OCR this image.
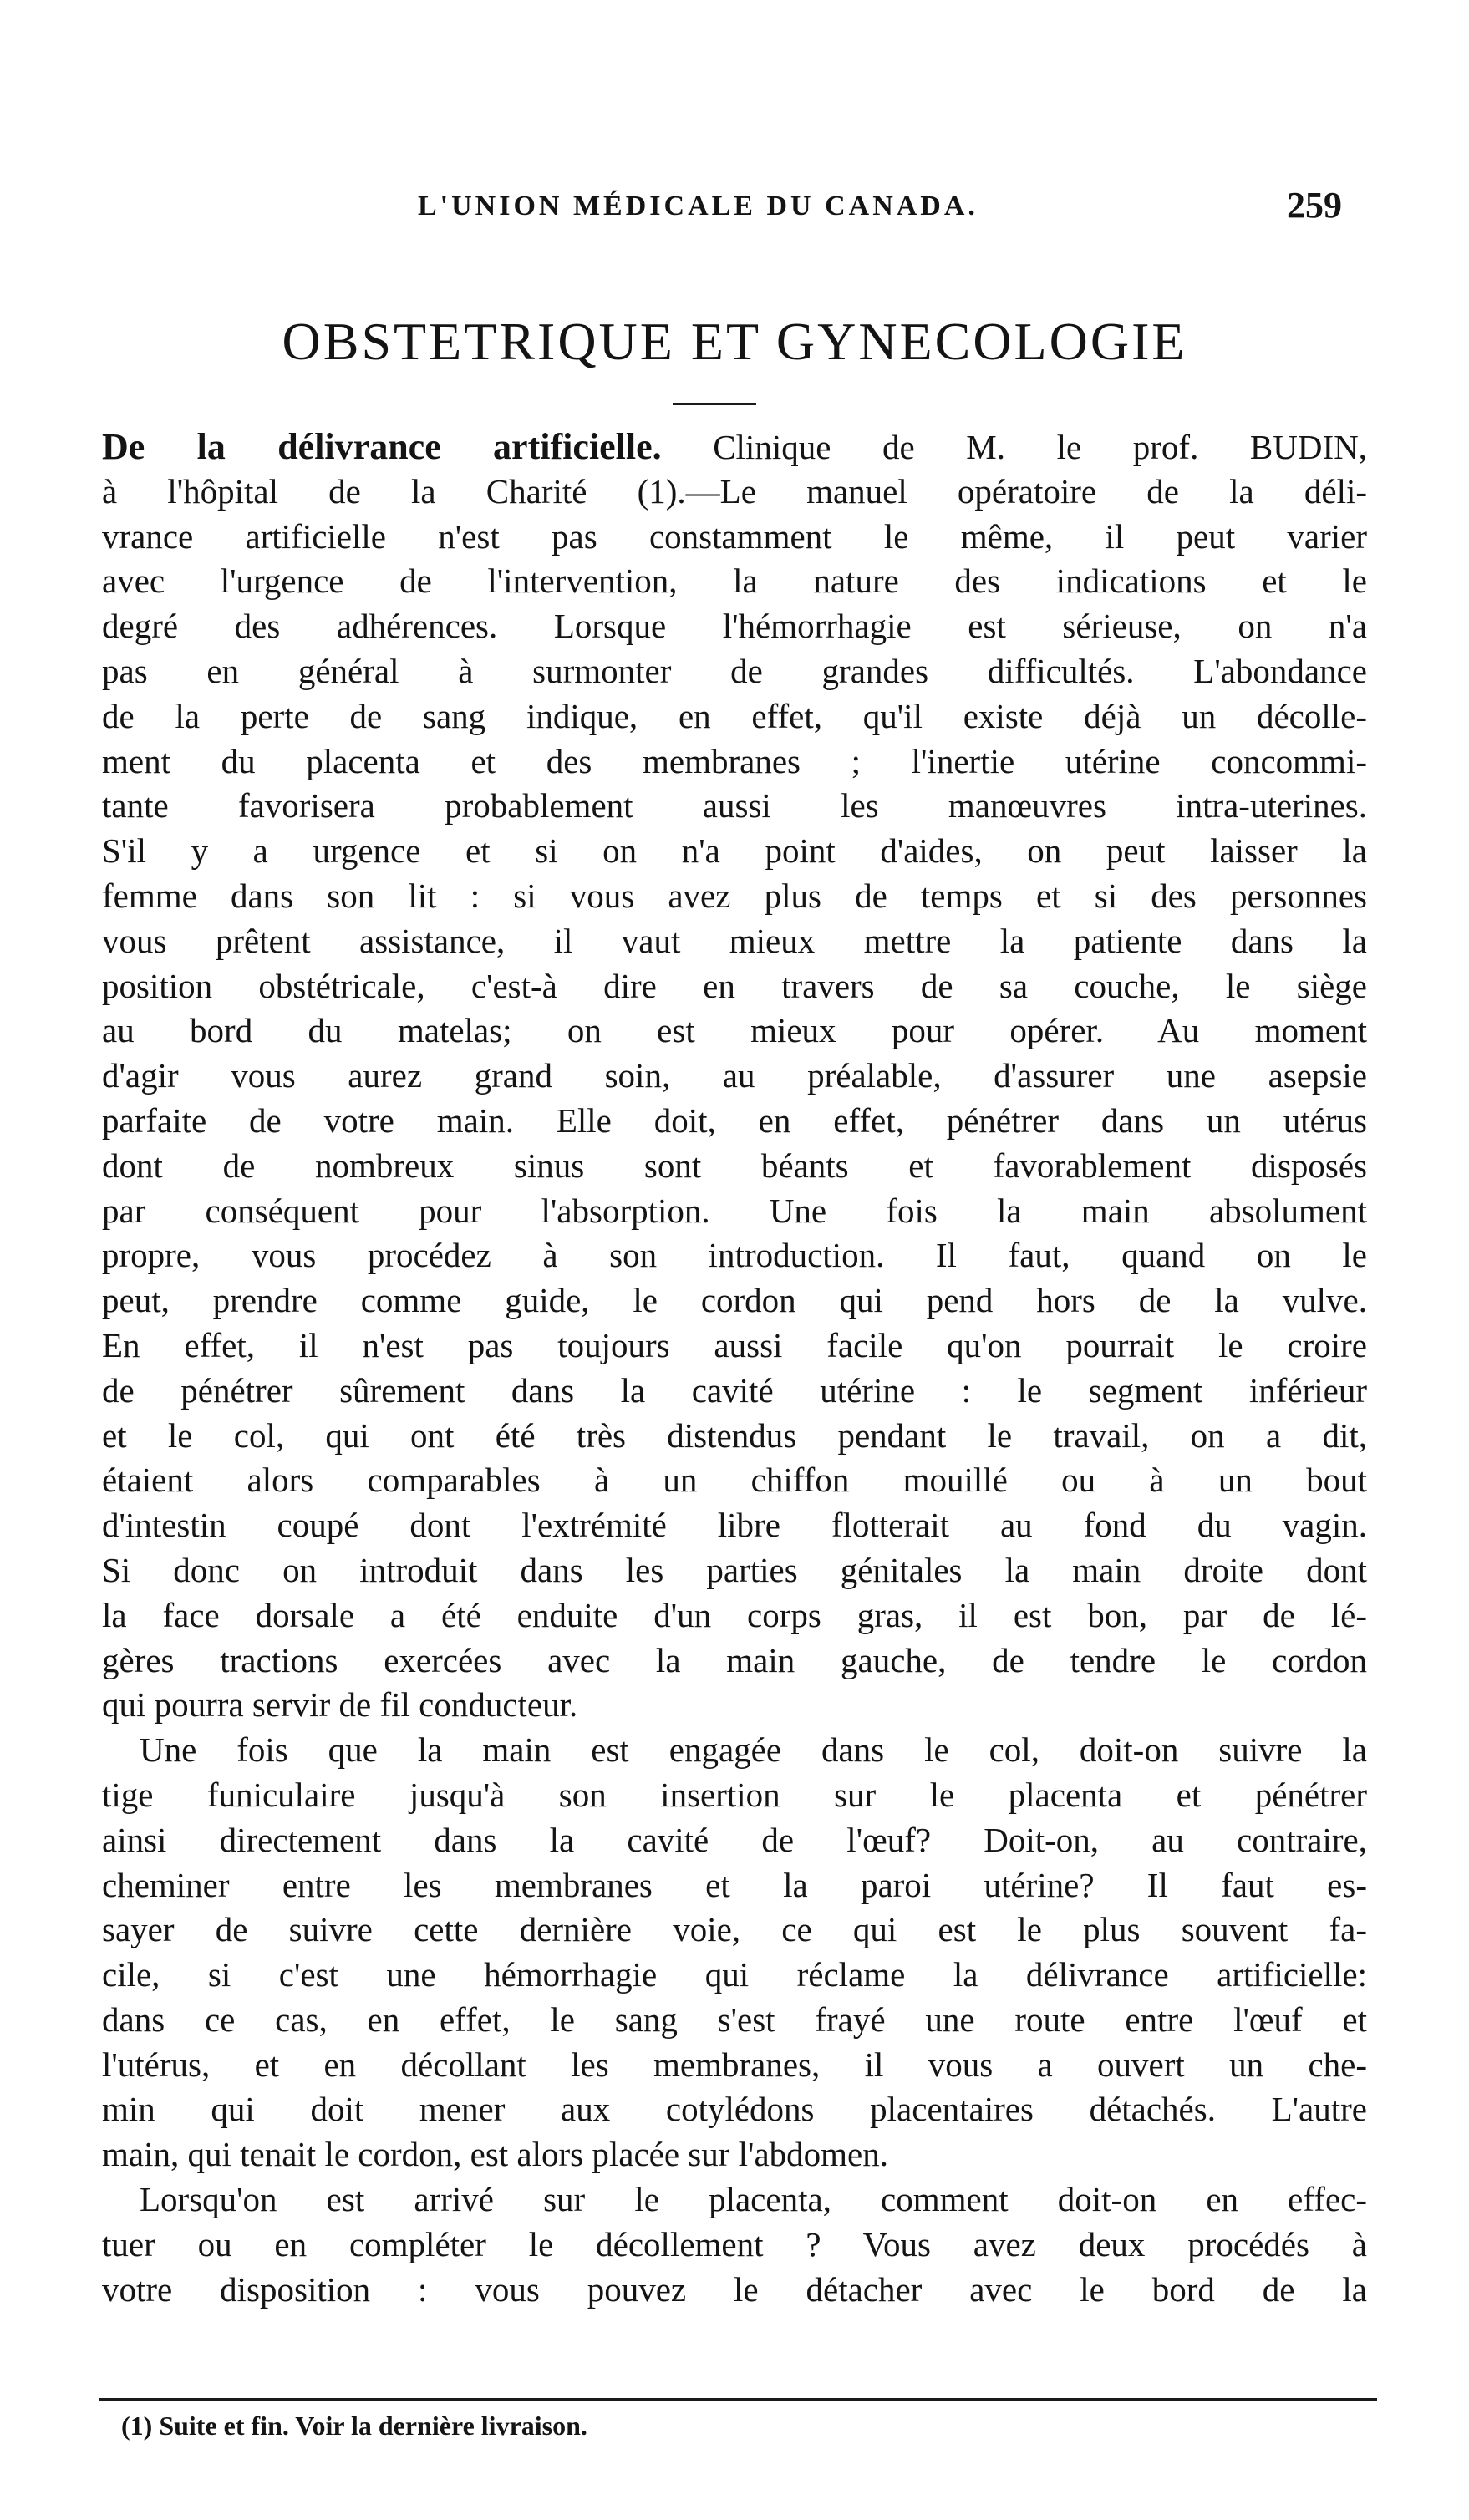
L'UNION MÉDICALE DU CANADA.	259
OBSTETRIQUE ET GYNECOLOGIE
De la délivrance artificielle. Clinique de M. le prof. BUDIN,
à l'hôpital de la Charité (1).—Le manuel opératoire de la déli-
vrance artificielle n'est pas constamment le même, il peut varier
avec l'urgence de l'intervention, la nature des indications et le
degré des adhérences. Lorsque l'hémorrhagie est sérieuse, on n'a
pas en général à surmonter de grandes difficultés. L'abondance
de la perte de sang indique, en effet, qu'il existe déjà un décolle-
ment du placenta et des membranes ; l'inertie utérine concommi-
tante favorisera probablement aussi les manœuvres intra-uterines.
S'il y a urgence et si on n'a point d'aides, on peut laisser la
femme dans son lit : si vous avez plus de temps et si des personnes
vous prêtent assistance, il vaut mieux mettre la patiente dans la
position obstétricale, c'est-à dire en travers de sa couche, le siège
au bord du matelas; on est mieux pour opérer. Au moment
d'agir vous aurez grand soin, au préalable, d'assurer une asepsie
parfaite de votre main. Elle doit, en effet, pénétrer dans un utérus
dont de nombreux sinus sont béants et favorablement disposés
par conséquent pour l'absorption. Une fois la main absolument
propre, vous procédez à son introduction. Il faut, quand on le
peut, prendre comme guide, le cordon qui pend hors de la vulve.
En effet, il n'est pas toujours aussi facile qu'on pourrait le croire
de pénétrer sûrement dans la cavité utérine : le segment inférieur
et le col, qui ont été très distendus pendant le travail, on a dit,
étaient alors comparables à un chiffon mouillé ou à un bout
d'intestin coupé dont l'extrémité libre flotterait au fond du vagin.
Si donc on introduit dans les parties génitales la main droite dont
la face dorsale a été enduite d'un corps gras, il est bon, par de lé-
gères tractions exercées avec la main gauche, de tendre le cordon
qui pourra servir de fil conducteur.
Une fois que la main est engagée dans le col, doit-on suivre la
tige funiculaire jusqu'à son insertion sur le placenta et pénétrer
ainsi directement dans la cavité de l'œuf? Doit-on, au contraire,
cheminer entre les membranes et la paroi utérine? Il faut es-
sayer de suivre cette dernière voie, ce qui est le plus souvent fa-
cile, si c'est une hémorrhagie qui réclame la délivrance artificielle:
dans ce cas, en effet, le sang s'est frayé une route entre l'œuf et
l'utérus, et en décollant les membranes, il vous a ouvert un che-
min qui doit mener aux cotylédons placentaires détachés. L'autre
main, qui tenait le cordon, est alors placée sur l'abdomen.
Lorsqu'on est arrivé sur le placenta, comment doit-on en effec-
tuer ou en compléter le décollement ? Vous avez deux procédés à
votre disposition : vous pouvez le détacher avec le bord de la
(1) Suite et fin. Voir la dernière livraison.
